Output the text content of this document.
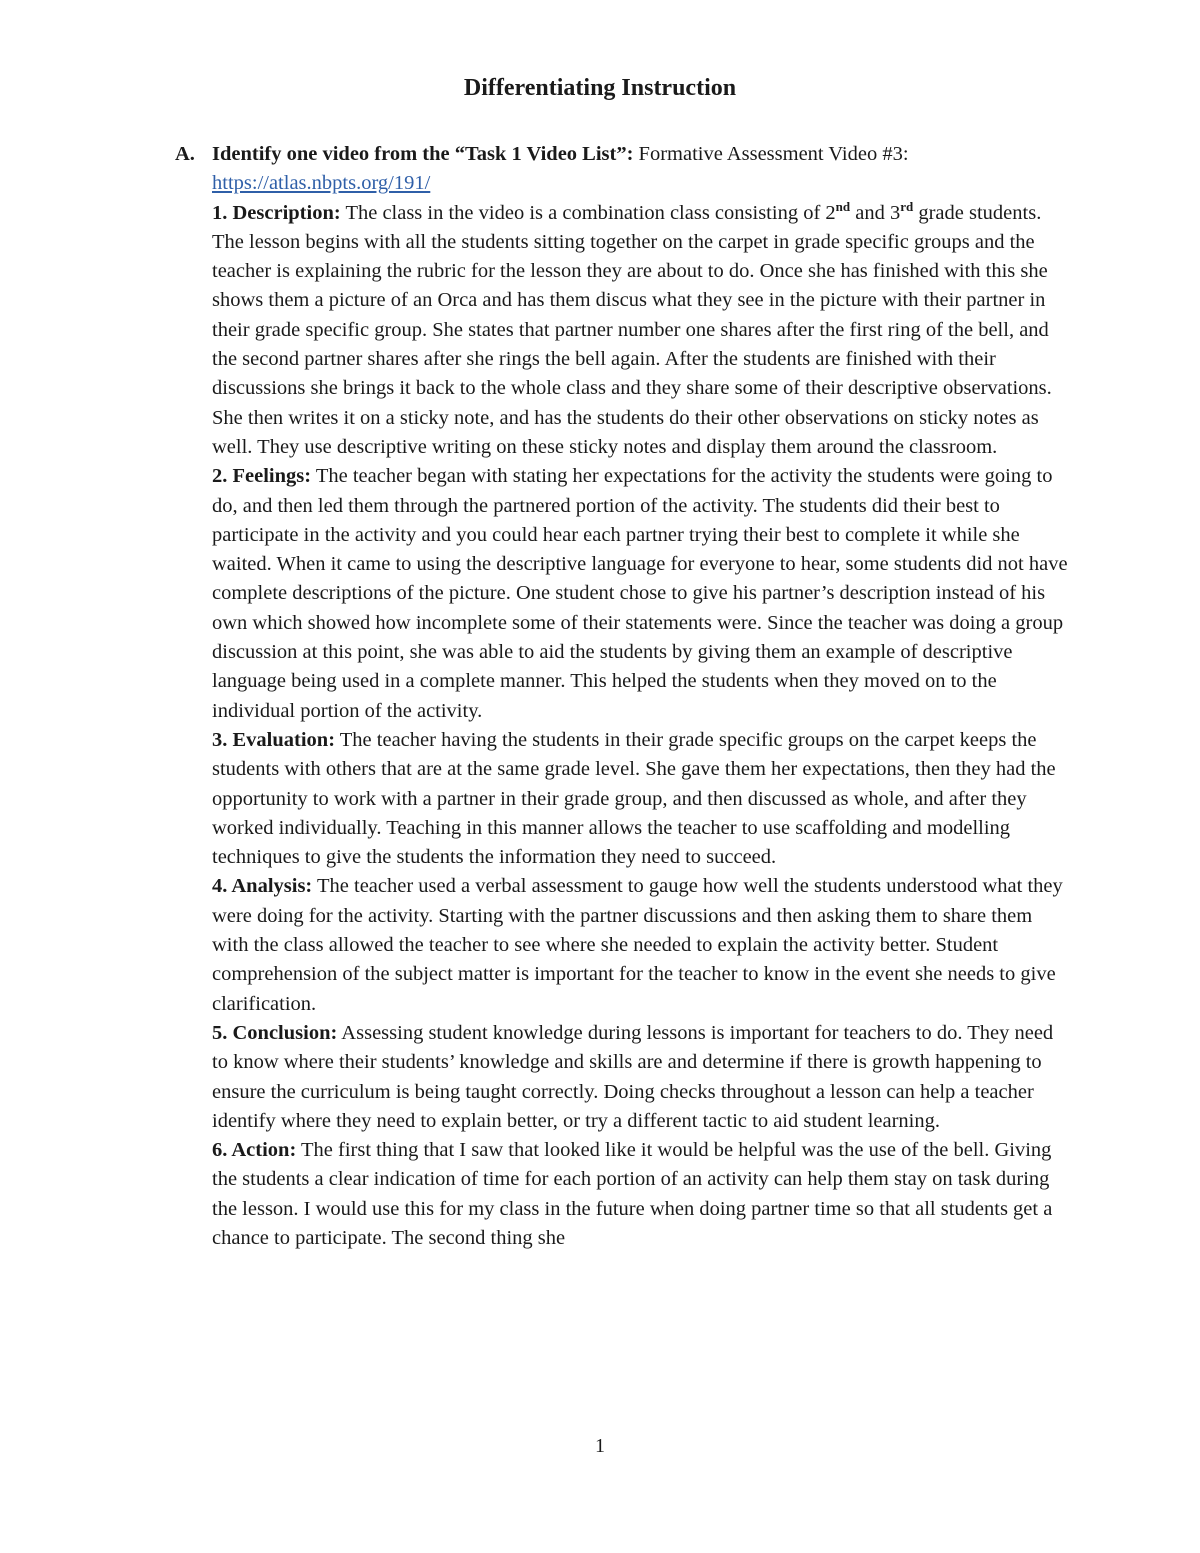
Differentiating Instruction
A. Identify one video from the “Task 1 Video List”: Formative Assessment Video #3:
https://atlas.nbpts.org/191/

1. Description: The class in the video is a combination class consisting of 2nd and 3rd grade students. The lesson begins with all the students sitting together on the carpet in grade specific groups and the teacher is explaining the rubric for the lesson they are about to do. Once she has finished with this she shows them a picture of an Orca and has them discus what they see in the picture with their partner in their grade specific group. She states that partner number one shares after the first ring of the bell, and the second partner shares after she rings the bell again. After the students are finished with their discussions she brings it back to the whole class and they share some of their descriptive observations. She then writes it on a sticky note, and has the students do their other observations on sticky notes as well. They use descriptive writing on these sticky notes and display them around the classroom.

2. Feelings: The teacher began with stating her expectations for the activity the students were going to do, and then led them through the partnered portion of the activity. The students did their best to participate in the activity and you could hear each partner trying their best to complete it while she waited. When it came to using the descriptive language for everyone to hear, some students did not have complete descriptions of the picture. One student chose to give his partner’s description instead of his own which showed how incomplete some of their statements were. Since the teacher was doing a group discussion at this point, she was able to aid the students by giving them an example of descriptive language being used in a complete manner. This helped the students when they moved on to the individual portion of the activity.

3. Evaluation: The teacher having the students in their grade specific groups on the carpet keeps the students with others that are at the same grade level. She gave them her expectations, then they had the opportunity to work with a partner in their grade group, and then discussed as whole, and after they worked individually. Teaching in this manner allows the teacher to use scaffolding and modelling techniques to give the students the information they need to succeed.

4. Analysis: The teacher used a verbal assessment to gauge how well the students understood what they were doing for the activity. Starting with the partner discussions and then asking them to share them with the class allowed the teacher to see where she needed to explain the activity better. Student comprehension of the subject matter is important for the teacher to know in the event she needs to give clarification.

5. Conclusion: Assessing student knowledge during lessons is important for teachers to do. They need to know where their students’ knowledge and skills are and determine if there is growth happening to ensure the curriculum is being taught correctly. Doing checks throughout a lesson can help a teacher identify where they need to explain better, or try a different tactic to aid student learning.

6. Action: The first thing that I saw that looked like it would be helpful was the use of the bell. Giving the students a clear indication of time for each portion of an activity can help them stay on task during the lesson. I would use this for my class in the future when doing partner time so that all students get a chance to participate. The second thing she

1
